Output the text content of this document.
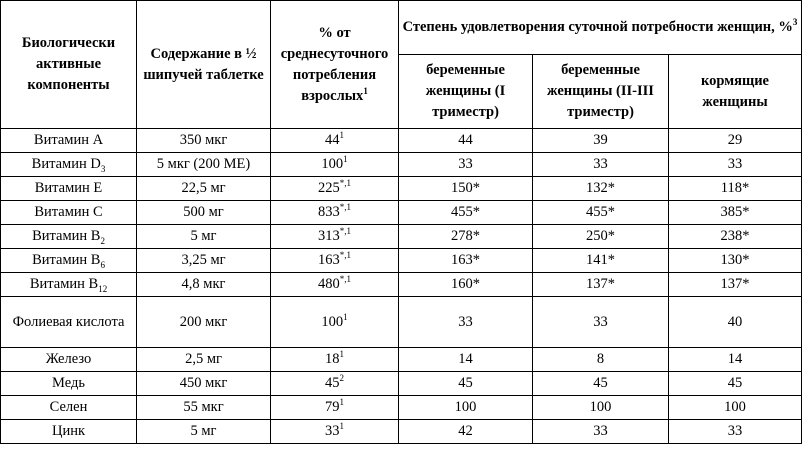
Биологически активные компоненты	Содержание в ½ шипучей таблетке	% от среднесуточного потребления взрослых$^1$	Степень удовлетворения суточной потребности женщин, %$^3$
			беременные женщины (I триместр)	беременные женщины (II-III триместр)	кормящие женщины
Витамин A	350 мкг	$44^1$	44	39	29
Витамин $D_3$	5 мкг (200 МЕ)	$100^1$	33	33	33
Витамин E	22,5 мг	$225^{*,1}$	150*	132*	118*
Витамин C	500 мг	$833^{*,1}$	455*	455*	385*
Витамин $B_2$	5 мг	$313^{*,1}$	278*	250*	238*
Витамин $B_6$	3,25 мг	$163^{*,1}$	163*	141*	130*
Витамин $B_{12}$	4,8 мкг	$480^{*,1}$	160*	137*	137*
Фолиевая кислота	200 мкг	$100^1$	33	33	40
Железо	2,5 мг	$18^1$	14	8	14
Медь	450 мкг	$45^2$	45	45	45
Селен	55 мкг	$79^1$	100	100	100
Цинк	5 мг	$33^1$	42	33	33
